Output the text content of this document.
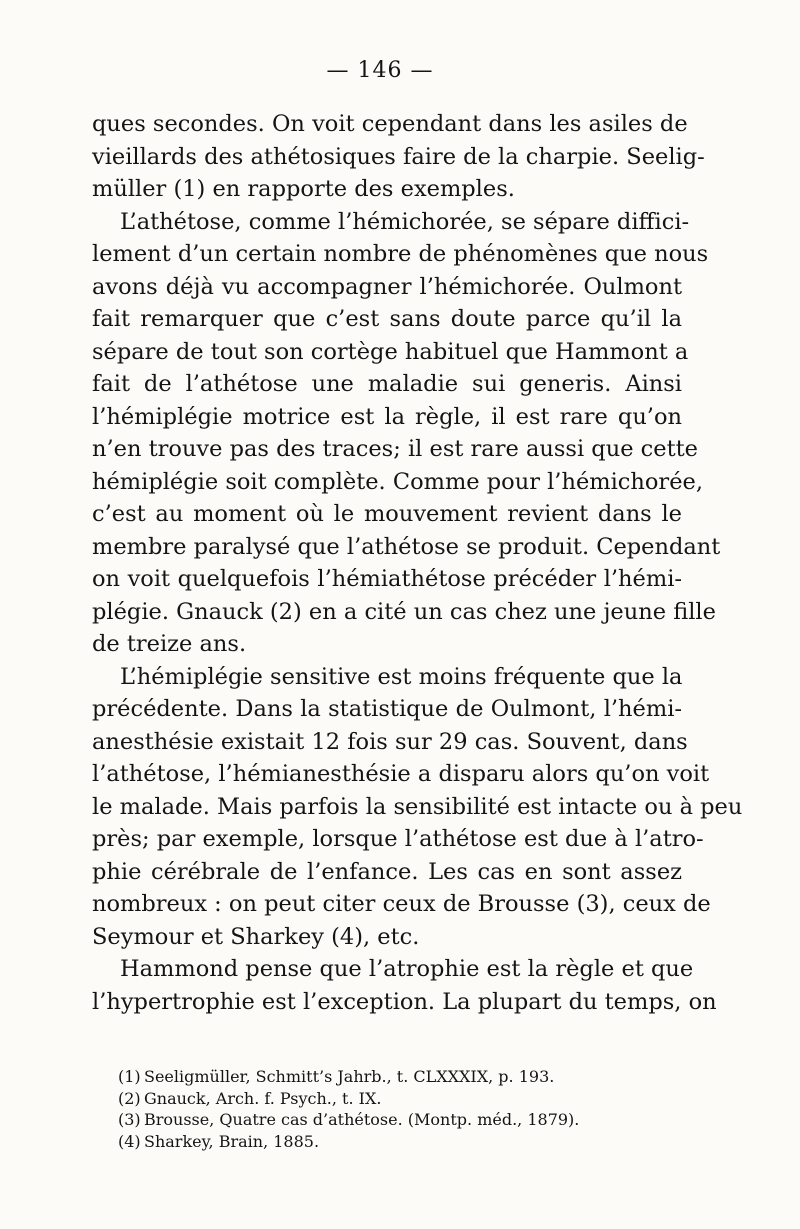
— 146 —
ques secondes. On voit cependant dans les asiles de
vieillards des athétosiques faire de la charpie. Seelig-
müller (1) en rapporte des exemples.
L’athétose, comme l’hémichorée, se sépare diffici-
lement d’un certain nombre de phénomènes que nous
avons déjà vu accompagner l’hémichorée. Oulmont
fait remarquer que c’est sans doute parce qu’il la
sépare de tout son cortège habituel que Hammont a
fait de l’athétose une maladie sui generis. Ainsi
l’hémiplégie motrice est la règle, il est rare qu’on
n’en trouve pas des traces; il est rare aussi que cette
hémiplégie soit complète. Comme pour l’hémichorée,
c’est au moment où le mouvement revient dans le
membre paralysé que l’athétose se produit. Cependant
on voit quelquefois l’hémiathétose précéder l’hémi-
plégie. Gnauck (2) en a cité un cas chez une jeune fille
de treize ans.
L’hémiplégie sensitive est moins fréquente que la
précédente. Dans la statistique de Oulmont, l’hémi-
anesthésie existait 12 fois sur 29 cas. Souvent, dans
l’athétose, l’hémianesthésie a disparu alors qu’on voit
le malade. Mais parfois la sensibilité est intacte ou à peu
près; par exemple, lorsque l’athétose est due à l’atro-
phie cérébrale de l’enfance. Les cas en sont assez
nombreux : on peut citer ceux de Brousse (3), ceux de
Seymour et Sharkey (4), etc.
Hammond pense que l’atrophie est la règle et que
l’hypertrophie est l’exception. La plupart du temps, on
(1) Seeligmüller, Schmitt’s Jahrb., t. CLXXXIX, p. 193.
(2) Gnauck, Arch. f. Psych., t. IX.
(3) Brousse, Quatre cas d’athétose. (Montp. méd., 1879).
(4) Sharkey, Brain, 1885.
